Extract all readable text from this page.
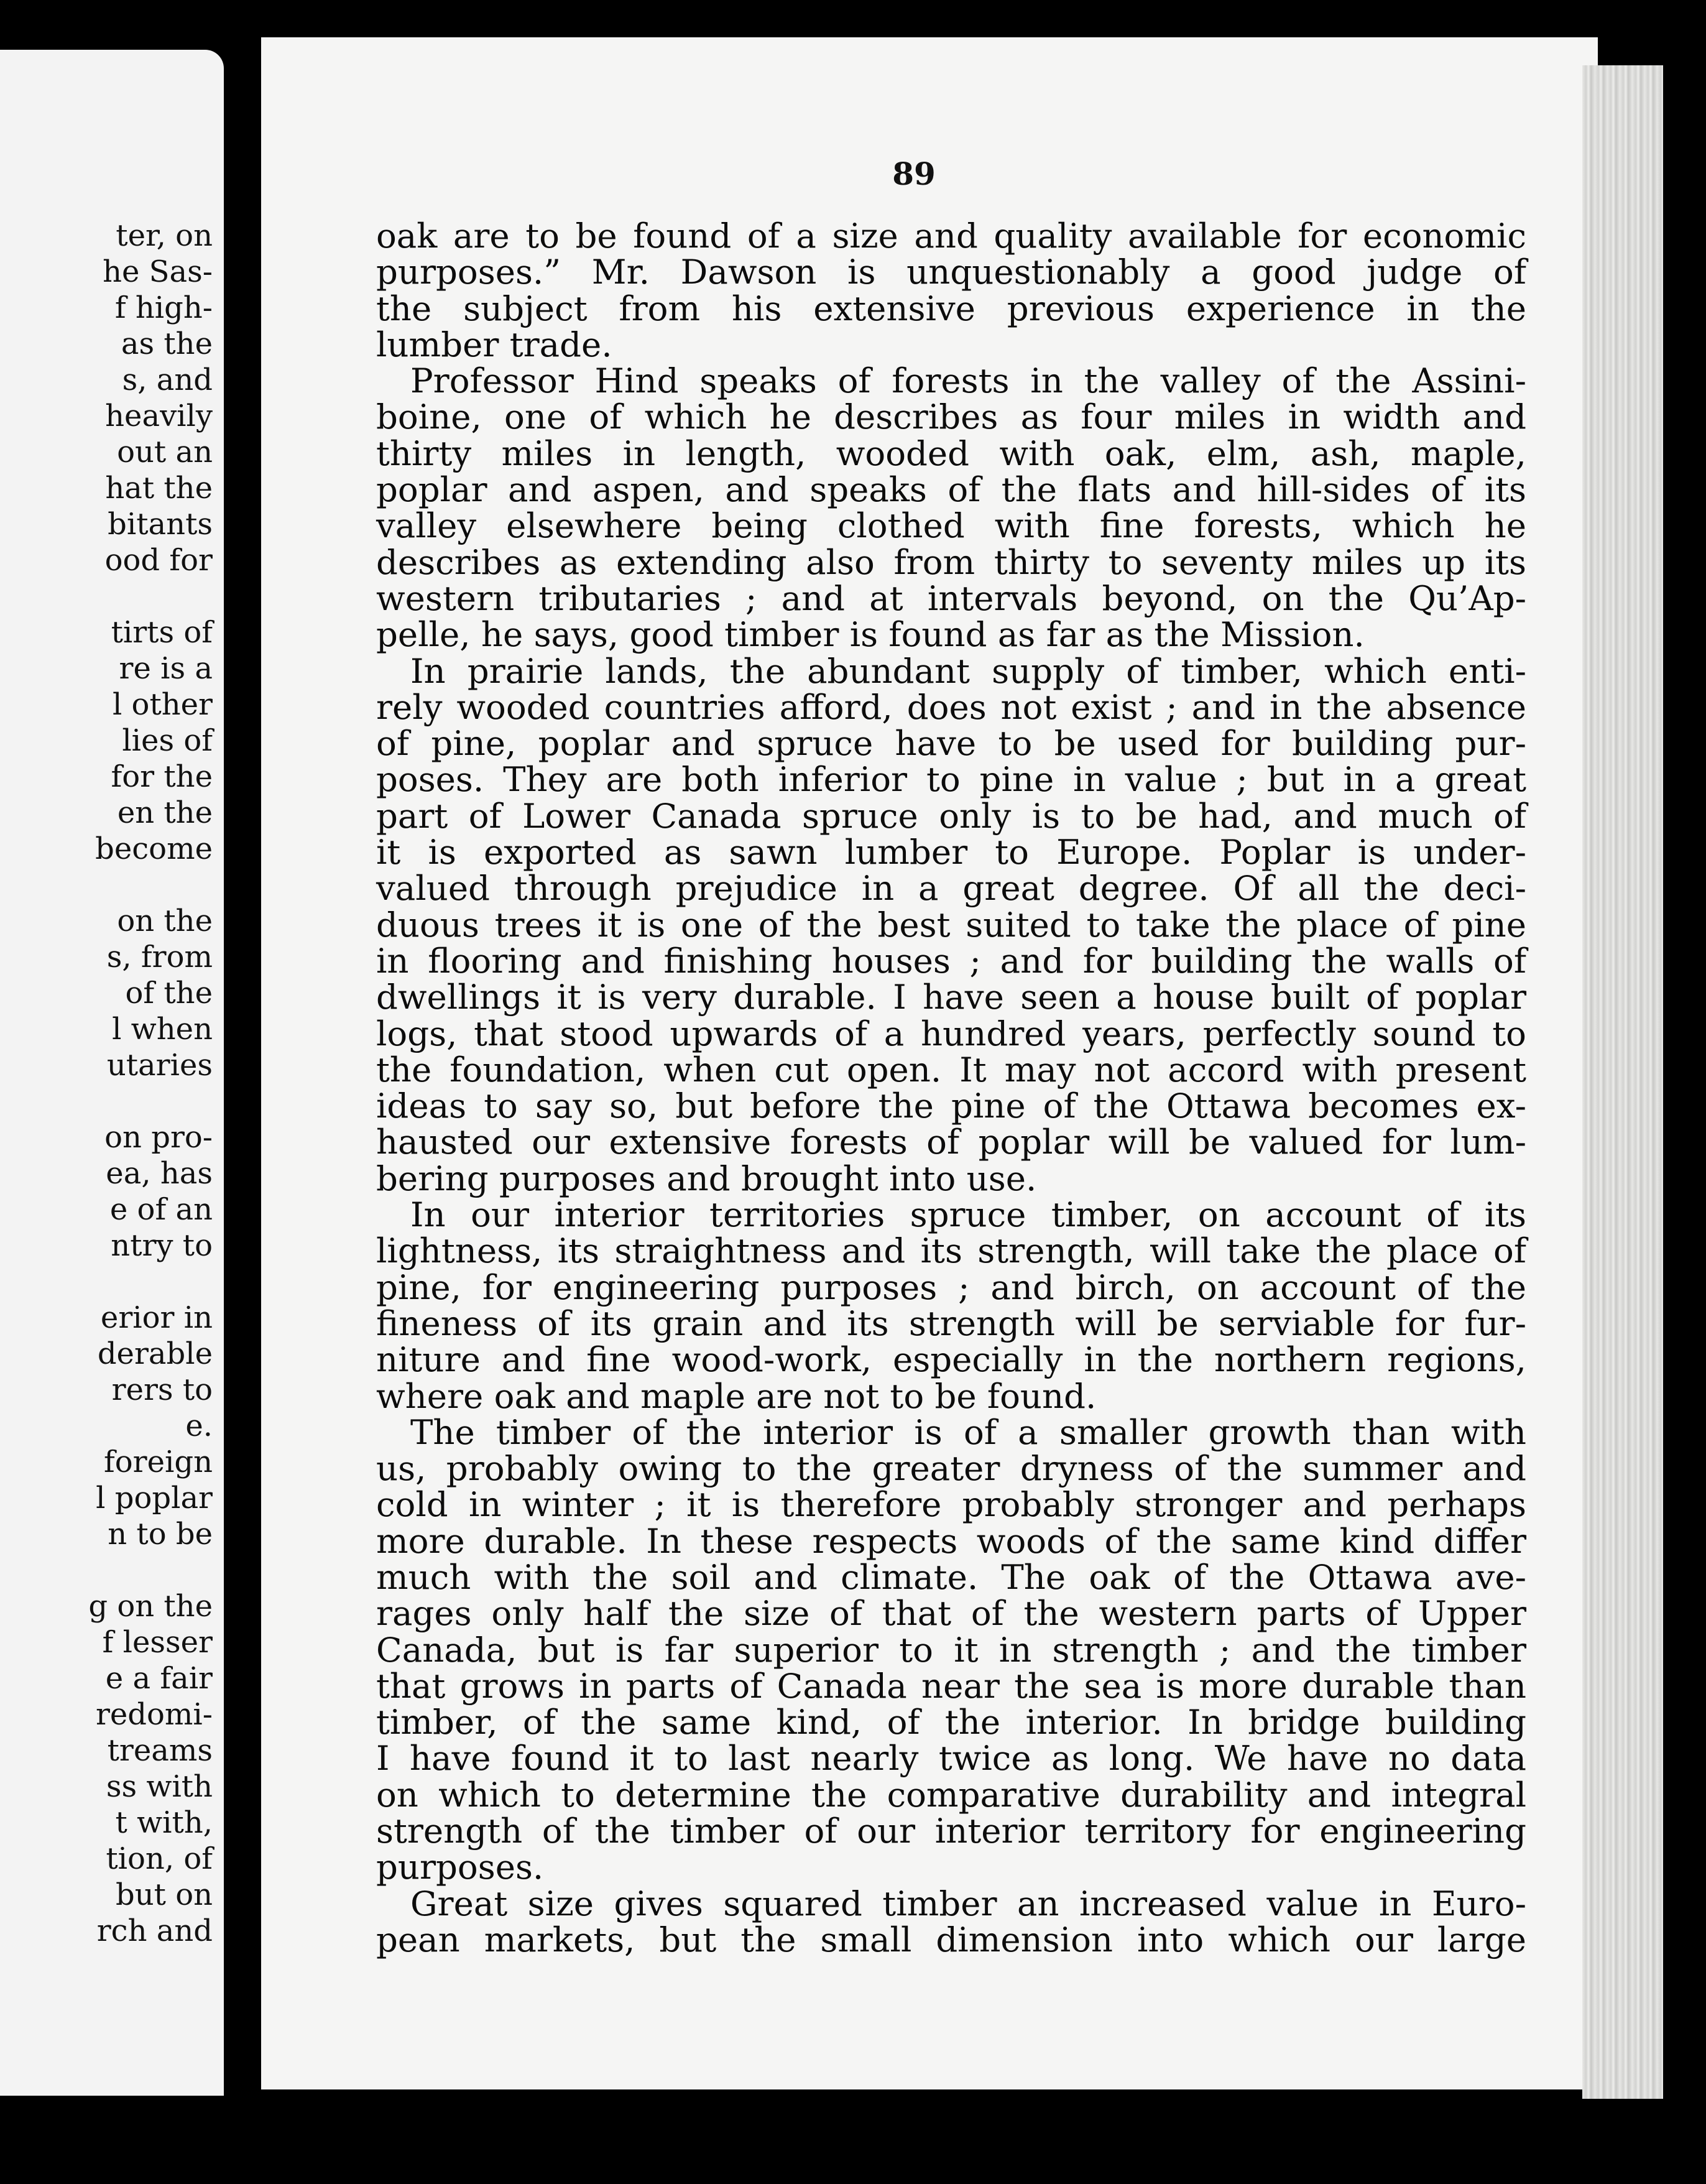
ter, on
he Sas-
f high-
as the
s, and
heavily
out an
hat the
bitants
ood for

tirts of
re is a
l other
lies of
for the
en the
become

on the
s, from
of the
l when
utaries

on pro-
ea, has
e of an
ntry to

erior in
derable
rers to
e.
foreign
l poplar
n to be

g on the
f lesser
e a fair
redomi-
treams
ss with
t with,
tion, of
but on
rch and
89
oak are to be found of a size and quality available for economic
purposes.” Mr. Dawson is unquestionably a good judge of
the subject from his extensive previous experience in the
lumber trade.
Professor Hind speaks of forests in the valley of the Assini-
boine, one of which he describes as four miles in width and
thirty miles in length, wooded with oak, elm, ash, maple,
poplar and aspen, and speaks of the flats and hill-sides of its
valley elsewhere being clothed with fine forests, which he
describes as extending also from thirty to seventy miles up its
western tributaries ; and at intervals beyond, on the Qu’Ap-
pelle, he says, good timber is found as far as the Mission.
In prairie lands, the abundant supply of timber, which enti-
rely wooded countries afford, does not exist ; and in the absence
of pine, poplar and spruce have to be used for building pur-
poses. They are both inferior to pine in value ; but in a great
part of Lower Canada spruce only is to be had, and much of
it is exported as sawn lumber to Europe. Poplar is under-
valued through prejudice in a great degree. Of all the deci-
duous trees it is one of the best suited to take the place of pine
in flooring and finishing houses ; and for building the walls of
dwellings it is very durable. I have seen a house built of poplar
logs, that stood upwards of a hundred years, perfectly sound to
the foundation, when cut open. It may not accord with present
ideas to say so, but before the pine of the Ottawa becomes ex-
hausted our extensive forests of poplar will be valued for lum-
bering purposes and brought into use.
In our interior territories spruce timber, on account of its
lightness, its straightness and its strength, will take the place of
pine, for engineering purposes ; and birch, on account of the
fineness of its grain and its strength will be serviable for fur-
niture and fine wood-work, especially in the northern regions,
where oak and maple are not to be found.
The timber of the interior is of a smaller growth than with
us, probably owing to the greater dryness of the summer and
cold in winter ; it is therefore probably stronger and perhaps
more durable. In these respects woods of the same kind differ
much with the soil and climate. The oak of the Ottawa ave-
rages only half the size of that of the western parts of Upper
Canada, but is far superior to it in strength ; and the timber
that grows in parts of Canada near the sea is more durable than
timber, of the same kind, of the interior. In bridge building
I have found it to last nearly twice as long. We have no data
on which to determine the comparative durability and integral
strength of the timber of our interior territory for engineering
purposes.
Great size gives squared timber an increased value in Euro-
pean markets, but the small dimension into which our large
